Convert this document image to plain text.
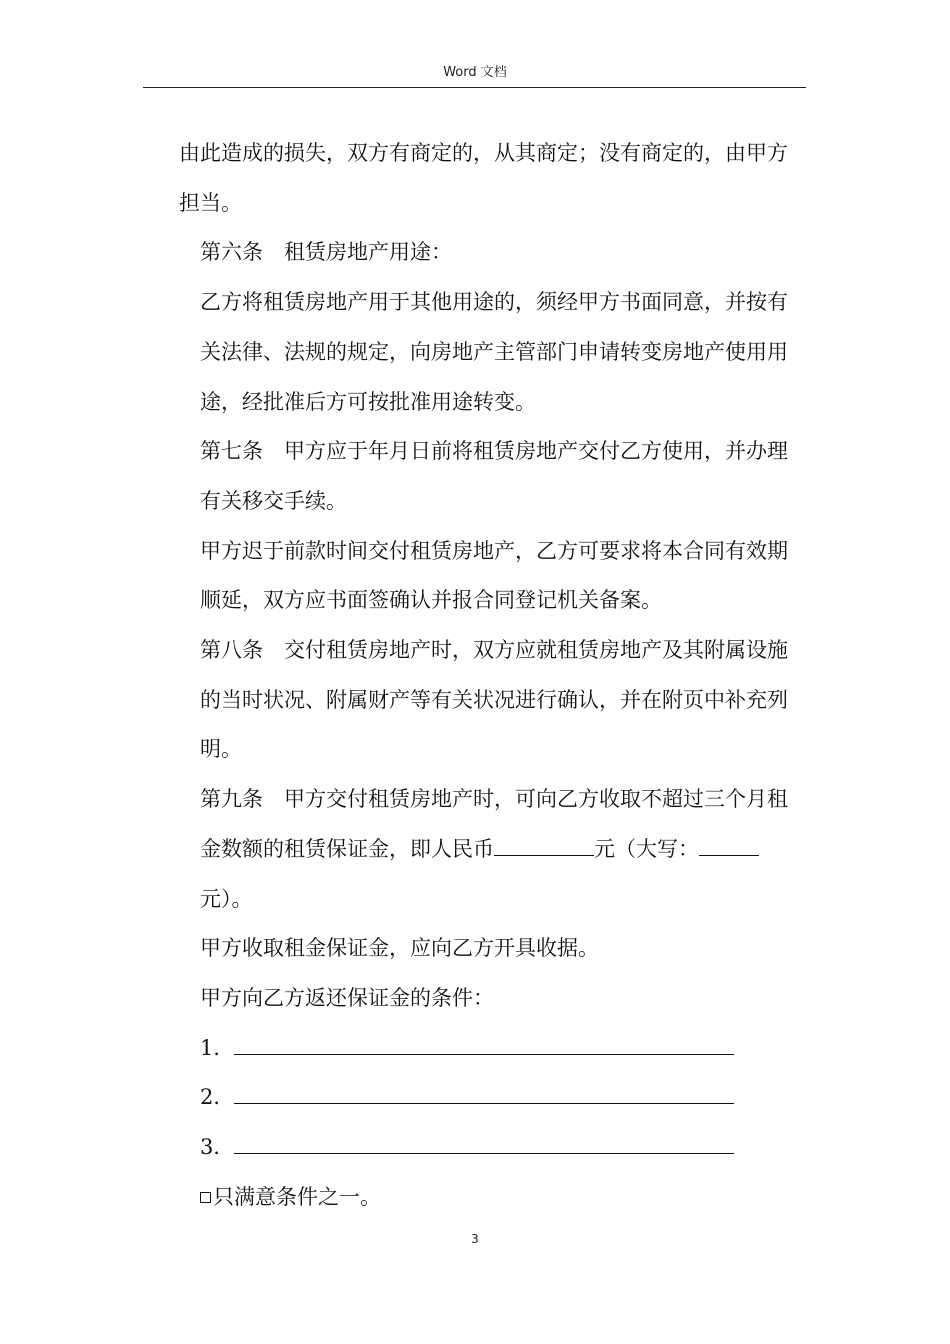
Word 文档

由此造成的损失，双方有商定的，从其商定；没有商定的，由甲方担当。

第六条　租赁房地产用途：

乙方将租赁房地产用于其他用途的，须经甲方书面同意，并按有关法律、法规的规定，向房地产主管部门申请转变房地产使用用途，经批准后方可按批准用途转变。

第七条　甲方应于年月日前将租赁房地产交付乙方使用，并办理有关移交手续。

甲方迟于前款时间交付租赁房地产，乙方可要求将本合同有效期顺延，双方应书面签确认并报合同登记机关备案。

第八条　交付租赁房地产时，双方应就租赁房地产及其附属设施的当时状况、附属财产等有关状况进行确认，并在附页中补充列明。

第九条　甲方交付租赁房地产时，可向乙方收取不超过三个月租金数额的租赁保证金，即人民币	元（大写：
元）。

甲方收取租金保证金，应向乙方开具收据。

甲方向乙方返还保证金的条件：

1．

2．

3．

只满意条件之一。

3
